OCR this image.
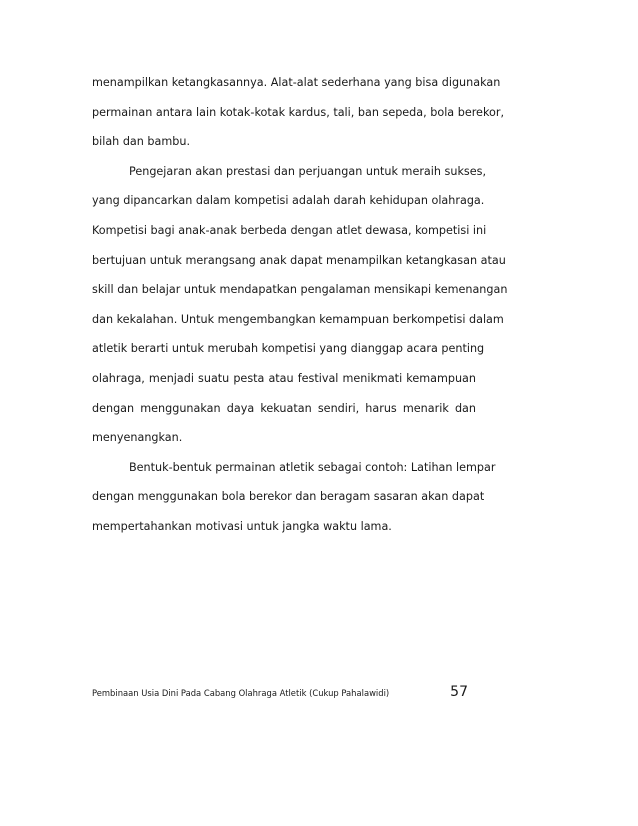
menampilkan ketangkasannya. Alat-alat sederhana yang bisa digunakan
permainan antara lain kotak-kotak kardus, tali, ban sepeda, bola berekor,
bilah dan bambu.
Pengejaran akan prestasi dan perjuangan untuk meraih sukses,
yang dipancarkan dalam kompetisi adalah darah kehidupan olahraga.
Kompetisi bagi anak-anak berbeda dengan atlet dewasa, kompetisi ini
bertujuan untuk merangsang anak dapat menampilkan ketangkasan atau
skill dan belajar untuk mendapatkan pengalaman mensikapi kemenangan
dan kekalahan. Untuk mengembangkan kemampuan berkompetisi dalam
atletik berarti untuk merubah kompetisi yang dianggap acara penting
olahraga, menjadi suatu pesta atau festival menikmati kemampuan
dengan menggunakan daya kekuatan sendiri, harus menarik dan
menyenangkan.
Bentuk-bentuk permainan atletik sebagai contoh: Latihan lempar
dengan menggunakan bola berekor dan beragam sasaran akan dapat
mempertahankan motivasi untuk jangka waktu lama.
Pembinaan Usia Dini Pada Cabang Olahraga Atletik (Cukup Pahalawidi)	57
